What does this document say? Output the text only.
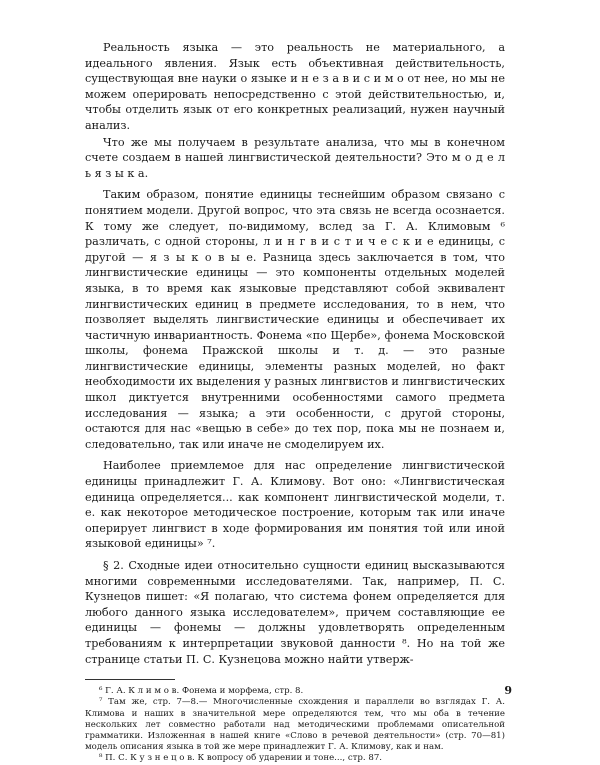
Реальность языка — это реальность не материального, а идеального явления. Язык есть объективная действительность, существующая вне науки о языке и н е з а в и с и м о от нее, но мы не можем оперировать непосредственно с этой действительностью, и, чтобы отделить язык от его конкретных реализаций, нужен научный анализ.

Что же мы получаем в результате анализа, что мы в конечном счете создаем в нашей лингвистической деятельности? Это м о д е л ь я з ы к а.

Таким образом, понятие единицы теснейшим образом связано с понятием модели. Другой вопрос, что эта связь не всегда осознается. К тому же следует, по-видимому, вслед за Г. А. Климовым ⁶ различать, с одной стороны, л и н г в и с т и ч е с к и е единицы, с другой — я з ы к о в ы е. Разница здесь заключается в том, что лингвистические единицы — это компоненты отдельных моделей языка, в то время как языковые представляют собой эквивалент лингвистических единиц в предмете исследования, то в нем, что позволяет выделять лингвистические единицы и обеспечивает их частичную инвариантность. Фонема «по Щербе», фонема Московской школы, фонема Пражской школы и т. д. — это разные лингвистические единицы, элементы разных моделей, но факт необходимости их выделения у разных лингвистов и лингвистических школ диктуется внутренними особенностями самого предмета исследования — языка; а эти особенности, с другой стороны, остаются для нас «вещью в себе» до тех пор, пока мы не познаем и, следовательно, так или иначе не смоделируем их.

Наиболее приемлемое для нас определение лингвистической единицы принадлежит Г. А. Климову. Вот оно: «Лингвистическая единица определяется... как компонент лингвистической модели, т. е. как некоторое методическое построение, которым так или иначе оперирует лингвист в ходе формирования им понятия той или иной языковой единицы» ⁷.

§ 2. Сходные идеи относительно сущности единиц высказываются многими современными исследователями. Так, например, П. С. Кузнецов пишет: «Я полагаю, что система фонем определяется для любого данного языка исследователем», причем составляющие ее единицы — фонемы — должны удовлетворять определенным требованиям к интерпретации звуковой данности ⁸. Но на той же странице статьи П. С. Кузнецова можно найти утверж-

⁶ Г. А. К л и м о в. Фонема и морфема, стр. 8.

⁷ Там же, стр. 7—8.— Многочисленные схождения и параллели во взглядах Г. А. Климова и наших в значительной мере определяются тем, что мы оба в течение нескольких лет совместно работали над методическими проблемами описательной грамматики. Изложенная в нашей книге «Слово в речевой деятельности» (стр. 70—81) модель описания языка в той же мере принадлежит Г. А. Климову, как и нам.

⁸ П. С. К у з н е ц о в. К вопросу об ударении и тоне..., стр. 87.

9
